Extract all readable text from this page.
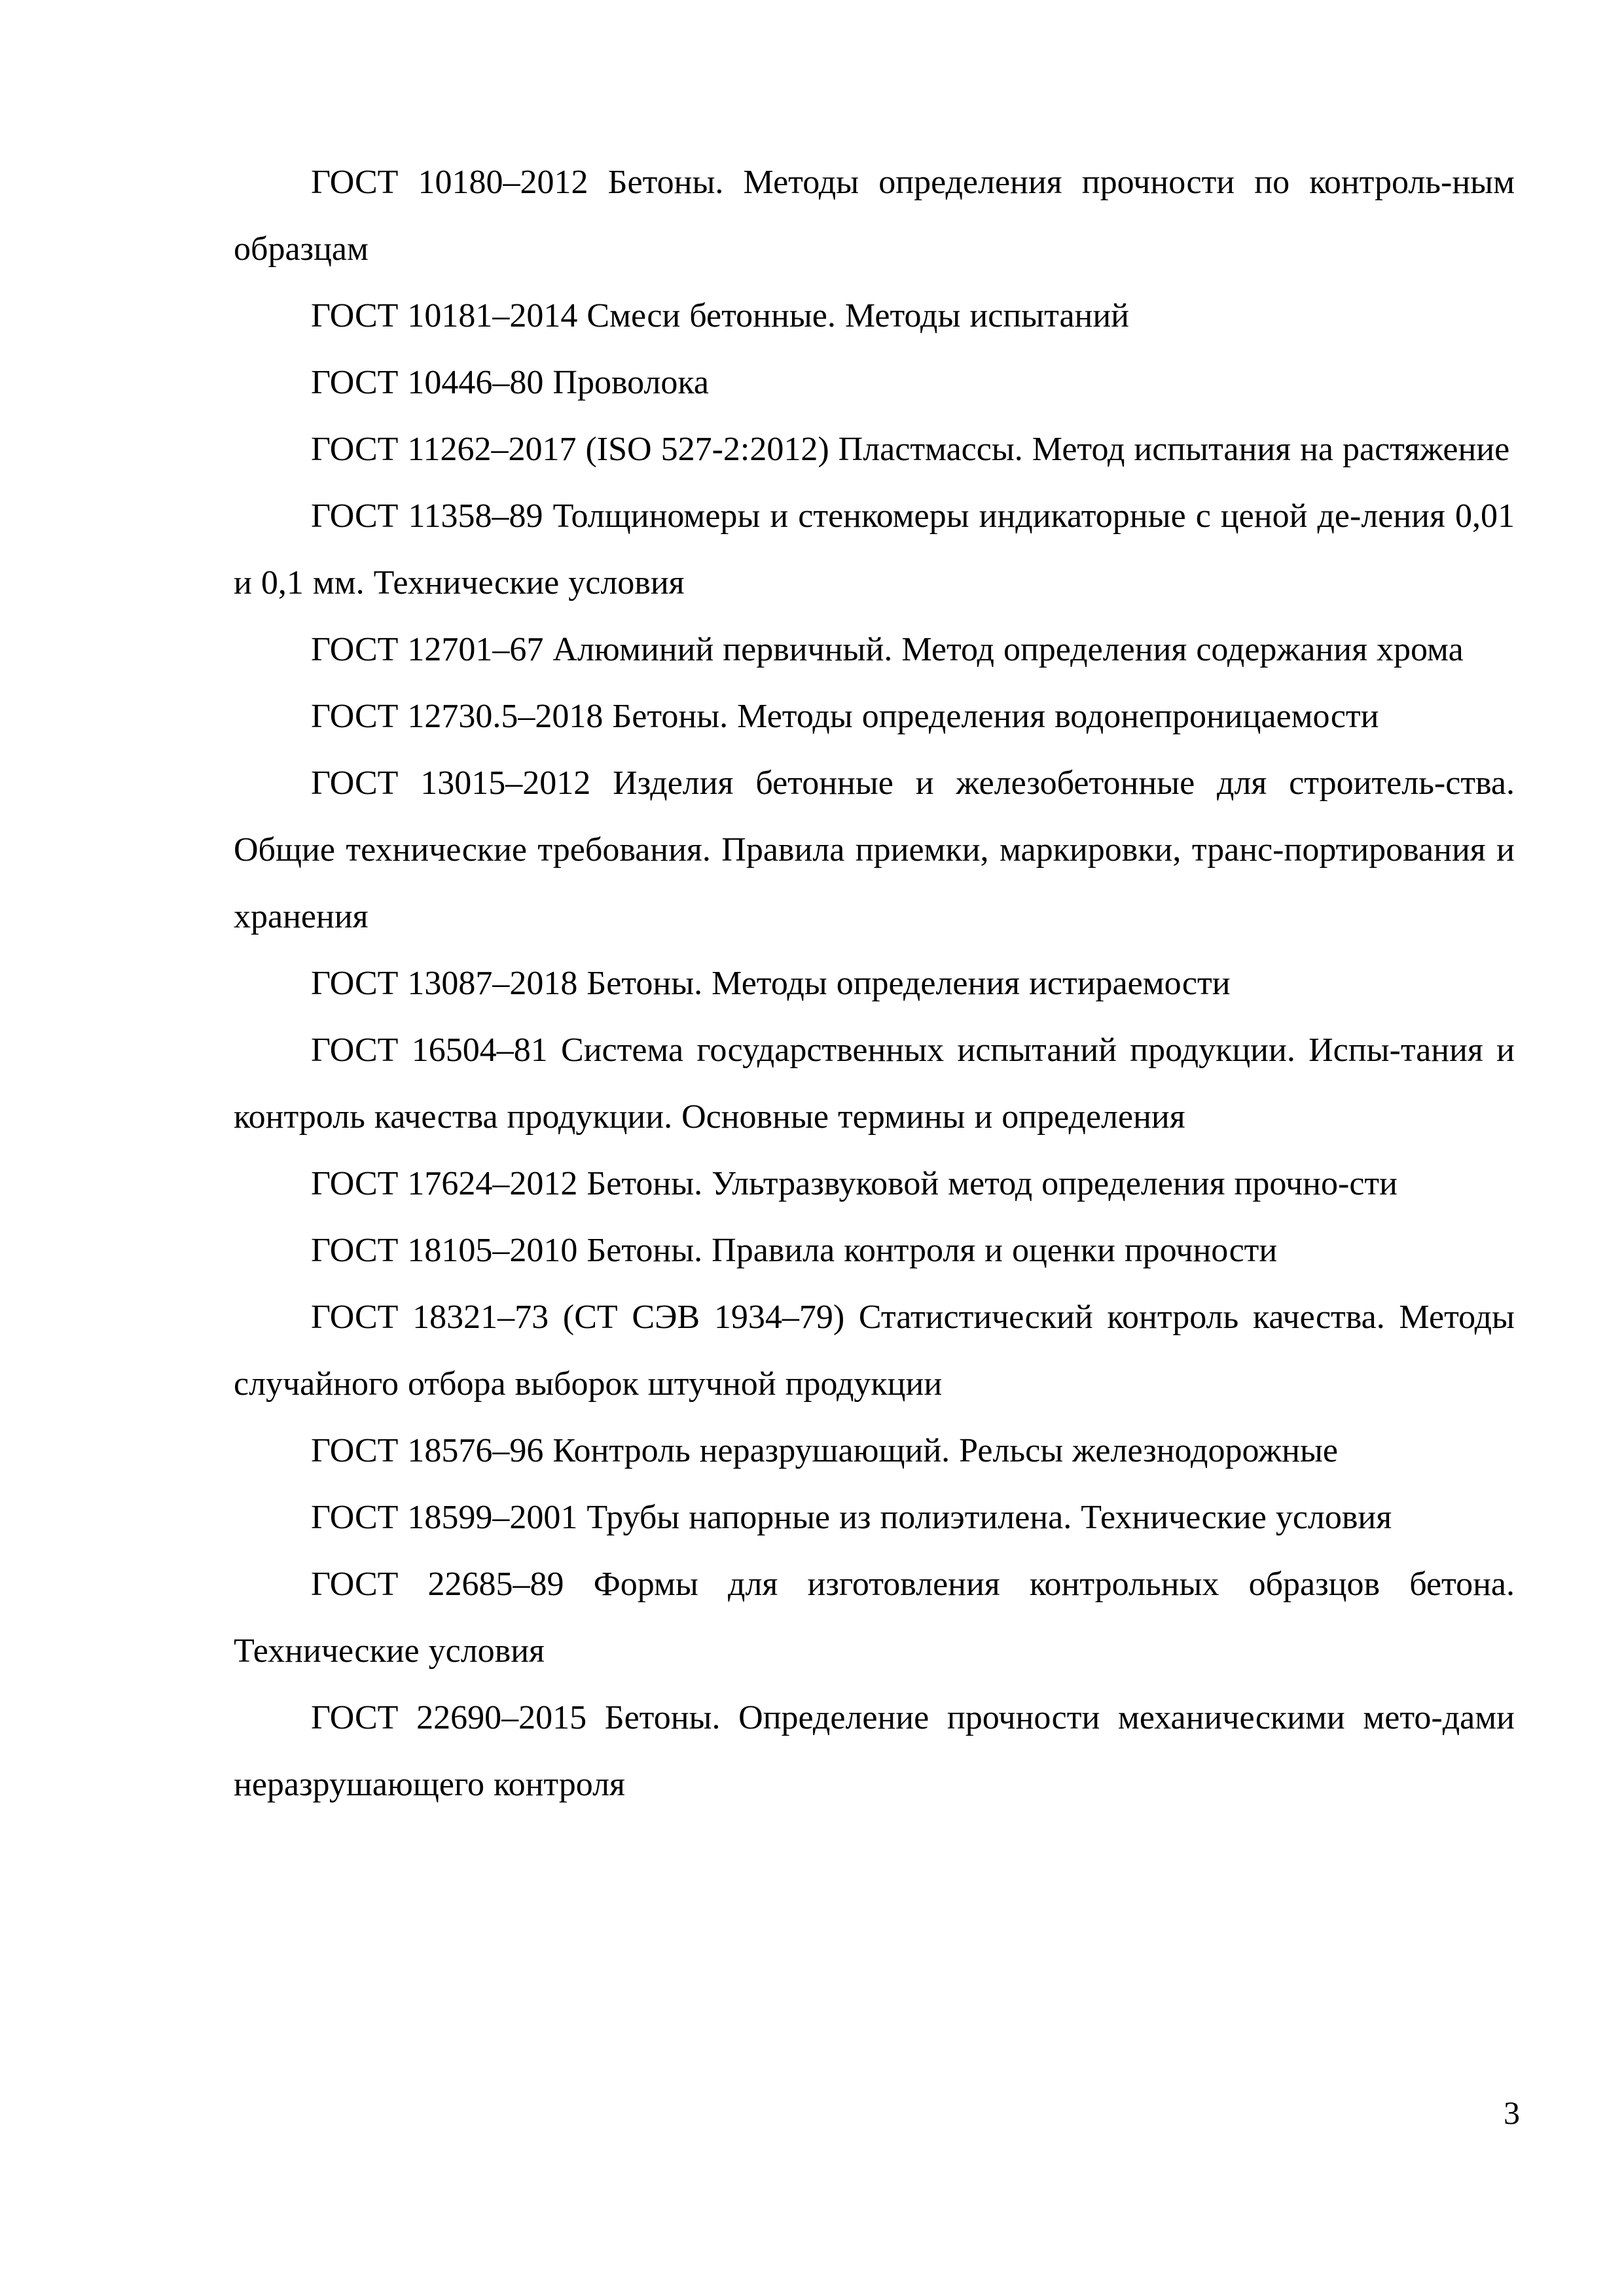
ГОСТ 10180–2012 Бетоны. Методы определения прочности по контроль-ным образцам

ГОСТ 10181–2014 Смеси бетонные. Методы испытаний

ГОСТ 10446–80 Проволока

ГОСТ 11262–2017 (ISO 527-2:2012) Пластмассы. Метод испытания на растяжение

ГОСТ 11358–89 Толщиномеры и стенкомеры индикаторные с ценой де-ления 0,01 и 0,1 мм. Технические условия

ГОСТ 12701–67 Алюминий первичный. Метод определения содержания хрома

ГОСТ 12730.5–2018 Бетоны. Методы определения водонепроницаемости

ГОСТ 13015–2012 Изделия бетонные и железобетонные для строитель-ства. Общие технические требования. Правила приемки, маркировки, транс-портирования и хранения

ГОСТ 13087–2018 Бетоны. Методы определения истираемости

ГОСТ 16504–81 Система государственных испытаний продукции. Испы-тания и контроль качества продукции. Основные термины и определения

ГОСТ 17624–2012 Бетоны. Ультразвуковой метод определения прочно-сти

ГОСТ 18105–2010 Бетоны. Правила контроля и оценки прочности

ГОСТ 18321–73 (СТ СЭВ 1934–79) Статистический контроль качества. Методы случайного отбора выборок штучной продукции

ГОСТ 18576–96 Контроль неразрушающий. Рельсы железнодорожные

ГОСТ 18599–2001 Трубы напорные из полиэтилена. Технические условия

ГОСТ 22685–89 Формы для изготовления контрольных образцов бетона. Технические условия

ГОСТ 22690–2015 Бетоны. Определение прочности механическими мето-дами неразрушающего контроля

3
